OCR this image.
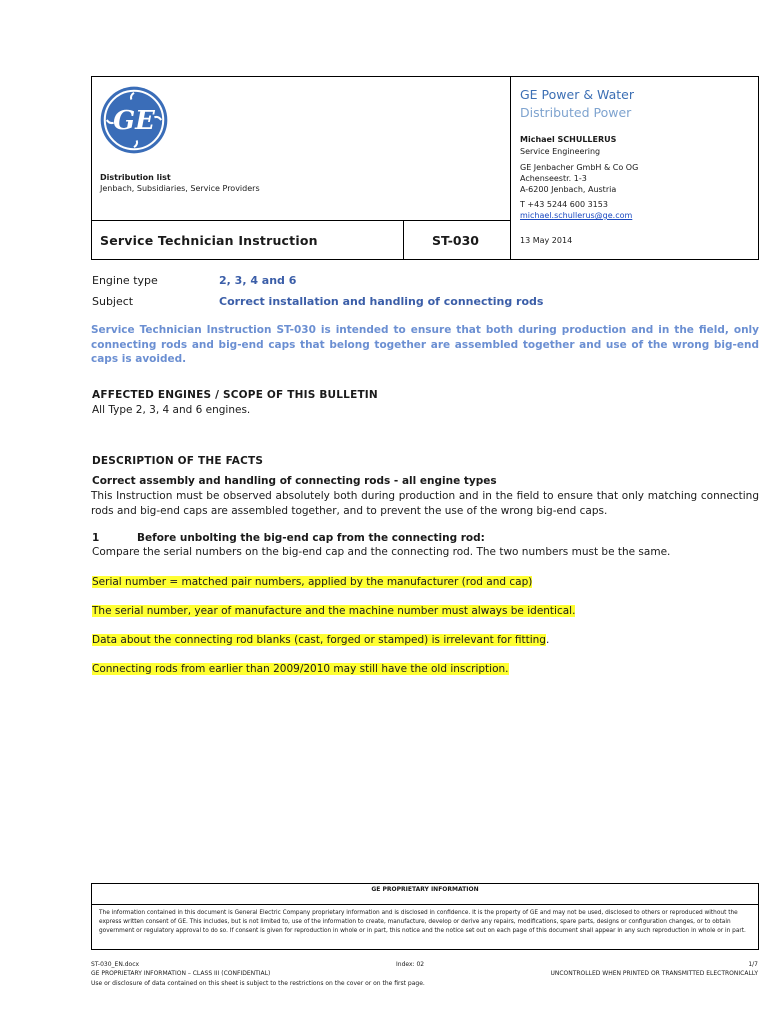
GE
Distribution list
Jenbach, Subsidiaries, Service Providers
Service Technician Instruction	ST-030
GE Power & Water
Distributed Power
Michael SCHULLERUS
Service Engineering
GE Jenbacher GmbH & Co OG
Achenseestr. 1-3
A-6200 Jenbach, Austria
T +43 5244 600 3153
michael.schullerus@ge.com
13 May 2014
Engine type	2, 3, 4 and 6
Subject	Correct installation and handling of connecting rods
Service Technician Instruction ST-030 is intended to ensure that both during production and in the field, only connecting rods and big-end caps that belong together are assembled together and use of the wrong big-end caps is avoided.
AFFECTED ENGINES / SCOPE OF THIS BULLETIN
All Type 2, 3, 4 and 6 engines.
DESCRIPTION OF THE FACTS
Correct assembly and handling of connecting rods - all engine types
This Instruction must be observed absolutely both during production and in the field to ensure that only matching connecting rods and big-end caps are assembled together, and to prevent the use of the wrong big-end caps.
1	Before unbolting the big-end cap from the connecting rod:
Compare the serial numbers on the big-end cap and the connecting rod. The two numbers must be the same.
Serial number = matched pair numbers, applied by the manufacturer (rod and cap)
The serial number, year of manufacture and the machine number must always be identical.
Data about the connecting rod blanks (cast, forged or stamped) is irrelevant for fitting.
Connecting rods from earlier than 2009/2010 may still have the old inscription.
GE PROPRIETARY INFORMATION
The information contained in this document is General Electric Company proprietary information and is disclosed in confidence. It is the property of GE and may not be used, disclosed to others or reproduced without the express written consent of GE. This includes, but is not limited to, use of the information to create, manufacture, develop or derive any repairs, modifications, spare parts, designs or configuration changes, or to obtain government or regulatory approval to do so. If consent is given for reproduction in whole or in part, this notice and the notice set out on each page of this document shall appear in any such reproduction in whole or in part.
ST-030_EN.docx	Index: 02	1/7
GE PROPRIETARY INFORMATION – CLASS III (CONFIDENTIAL)	UNCONTROLLED WHEN PRINTED OR TRANSMITTED ELECTRONICALLY
Use or disclosure of data contained on this sheet is subject to the restrictions on the cover or on the first page.
